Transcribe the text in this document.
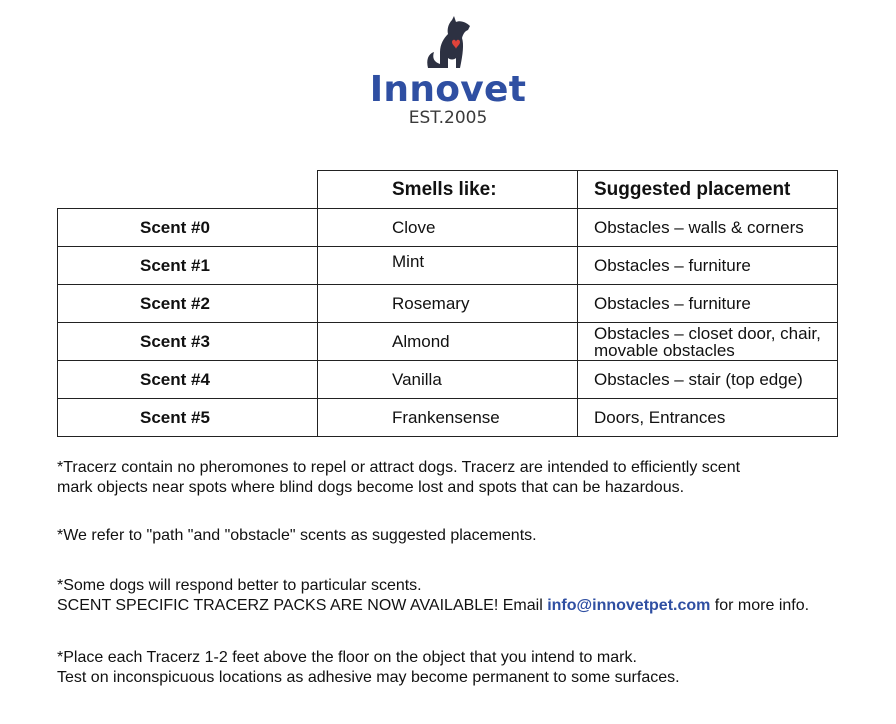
Innovet
EST.2005
	Smells like:	Suggested placement
Scent #0	Clove	Obstacles – walls & corners
Scent #1	Mint	Obstacles – furniture
Scent #2	Rosemary	Obstacles – furniture
Scent #3	Almond	Obstacles – closet door, chair, movable obstacles
Scent #4	Vanilla	Obstacles – stair (top edge)
Scent #5	Frankensense	Doors, Entrances

*Tracerz contain no pheromones to repel or attract dogs. Tracerz are intended to efficiently scent

mark objects near spots where blind dogs become lost and spots that can be hazardous.

*We refer to "path "and "obstacle" scents as suggested placements.

*Some dogs will respond better to particular scents.

SCENT SPECIFIC TRACERZ PACKS ARE NOW AVAILABLE! Email info@innovetpet.com for more info.

*Place each Tracerz 1-2 feet above the floor on the object that you intend to mark.

Test on inconspicuous locations as adhesive may become permanent to some surfaces.
